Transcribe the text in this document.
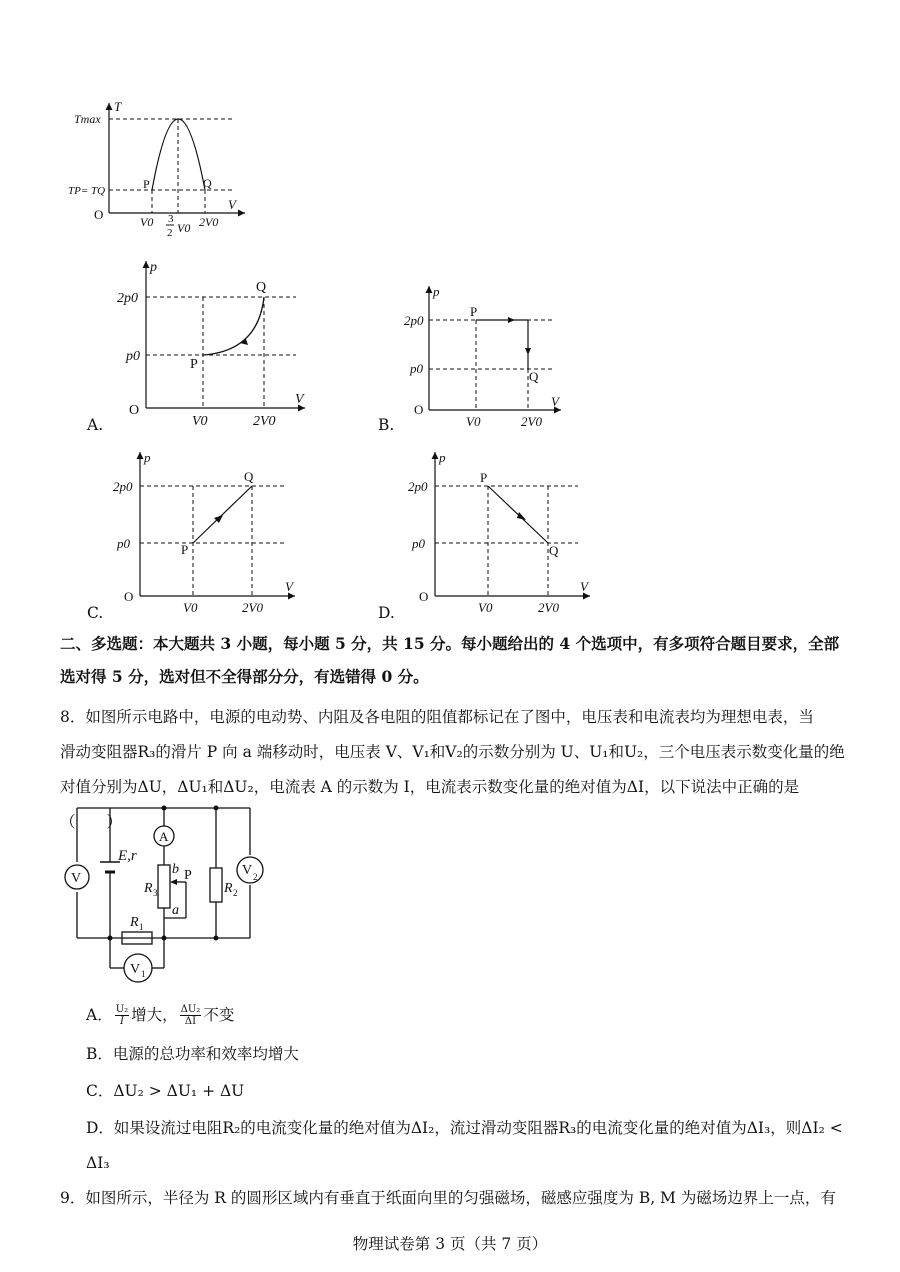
T
V
O
Tmax
TP= TQ	P	Q
V0 3
2 V0 2V0
p
V
O
2p0
p0
P
Q
V0	2V0
A.
p
V
O
2p0
p0
P
Q
V0	2V0
B.
p
V
O
2p0
p0	P
Q
V0	2V0
C.
p
V
O
2p0
p0
P
Q
V0	2V0
D.
二、多选题：本大题共 3 小题，每小题 5 分，共 15 分。每小题给出的 4 个选项中，有多项符合题目要求，全部
选对得 5 分，选对但不全得部分分，有选错得 0 分。
8．如图所示电路中，电源的电动势、内阻及各电阻的阻值都标记在了图中，电压表和电流表均为理想电表，当
滑动变阻器R₃的滑片 P 向 a 端移动时，电压表 V、V₁和V₂的示数分别为 U、U₁和U₂，三个电压表示数变化量的绝
对值分别为ΔU，ΔU₁和ΔU₂，电流表 A 的示数为 I，电流表示数变化量的绝对值为ΔI，以下说法中正确的是（　　）
V
A
V 2
V 1
E,r
R 3
b
a
P
R 2
R 1
A． $\frac{\text{U₂}}{I}$ 增大， $\frac{\text{ΔU₂}}{\Delta I}$ 不变
B．电源的总功率和效率均增大
C．ΔU₂ > ΔU₁ + ΔU
D．如果设流过电阻R₂的电流变化量的绝对值为ΔI₂，流过滑动变阻器R₃的电流变化量的绝对值为ΔI₃，则ΔI₂ <
ΔI₃
9．如图所示，半径为 R 的圆形区域内有垂直于纸面向里的匀强磁场，磁感应强度为 B, M 为磁场边界上一点，有
物理试卷第 3 页（共 7 页）
